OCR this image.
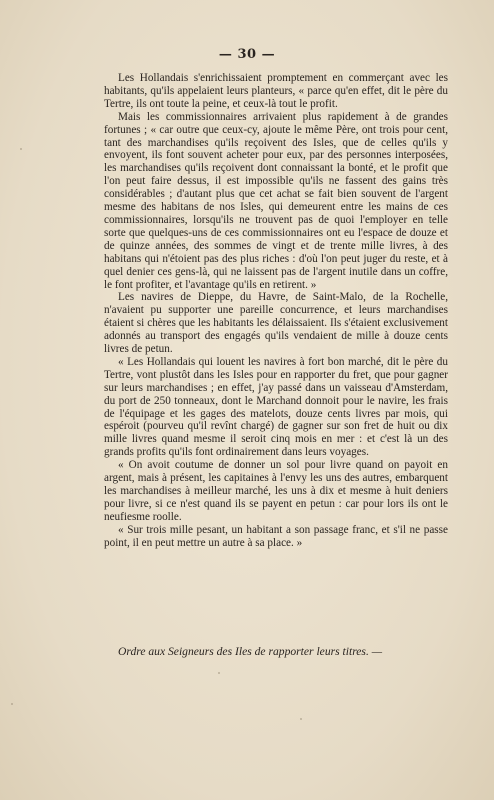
— 30 —

Les Hollandais s'enrichissaient promptement en commerçant avec les habitants, qu'ils appelaient leurs planteurs, « parce qu'en effet, dit le père du Tertre, ils ont toute la peine, et ceux-là tout le profit.

Mais les commissionnaires arrivaient plus rapidement à de grandes fortunes ; « car outre que ceux-cy, ajoute le même Père, ont trois pour cent, tant des marchandises qu'ils reçoivent des Isles, que de celles qu'ils y envoyent, ils font souvent acheter pour eux, par des personnes interposées, les marchandises qu'ils reçoivent dont connaissant la bonté, et le profit que l'on peut faire dessus, il est impossible qu'ils ne fassent des gains très considérables ; d'autant plus que cet achat se fait bien souvent de l'argent mesme des habitans de nos Isles, qui demeurent entre les mains de ces commissionnaires, lorsqu'ils ne trouvent pas de quoi l'employer en telle sorte que quelques-uns de ces commissionnaires ont eu l'espace de douze et de quinze années, des sommes de vingt et de trente mille livres, à des habitans qui n'étoient pas des plus riches : d'où l'on peut juger du reste, et à quel denier ces gens-là, qui ne laissent pas de l'argent inutile dans un coffre, le font profiter, et l'avantage qu'ils en retirent. »

Les navires de Dieppe, du Havre, de Saint-Malo, de la Rochelle, n'avaient pu supporter une pareille concurrence, et leurs marchandises étaient si chères que les habitants les délaissaient. Ils s'étaient exclusivement adonnés au transport des engagés qu'ils vendaient de mille à douze cents livres de petun.

« Les Hollandais qui louent les navires à fort bon marché, dit le père du Tertre, vont plustôt dans les Isles pour en rapporter du fret, que pour gagner sur leurs marchandises ; en effet, j'ay passé dans un vaisseau d'Amsterdam, du port de 250 tonneaux, dont le Marchand donnoit pour le navire, les frais de l'équipage et les gages des matelots, douze cents livres par mois, qui espéroit (pourveu qu'il revînt chargé) de gagner sur son fret de huit ou dix mille livres quand mesme il seroit cinq mois en mer : et c'est là un des grands profits qu'ils font ordinairement dans leurs voyages.

« On avoit coutume de donner un sol pour livre quand on payoit en argent, mais à présent, les capitaines à l'envy les uns des autres, embarquent les marchandises à meilleur marché, les uns à dix et mesme à huit deniers pour livre, si ce n'est quand ils se payent en petun : car pour lors ils ont le neufiesme roolle.

« Sur trois mille pesant, un habitant a son passage franc, et s'il ne passe point, il en peut mettre un autre à sa place. »

Ordre aux Seigneurs des Iles de rapporter leurs titres. —
